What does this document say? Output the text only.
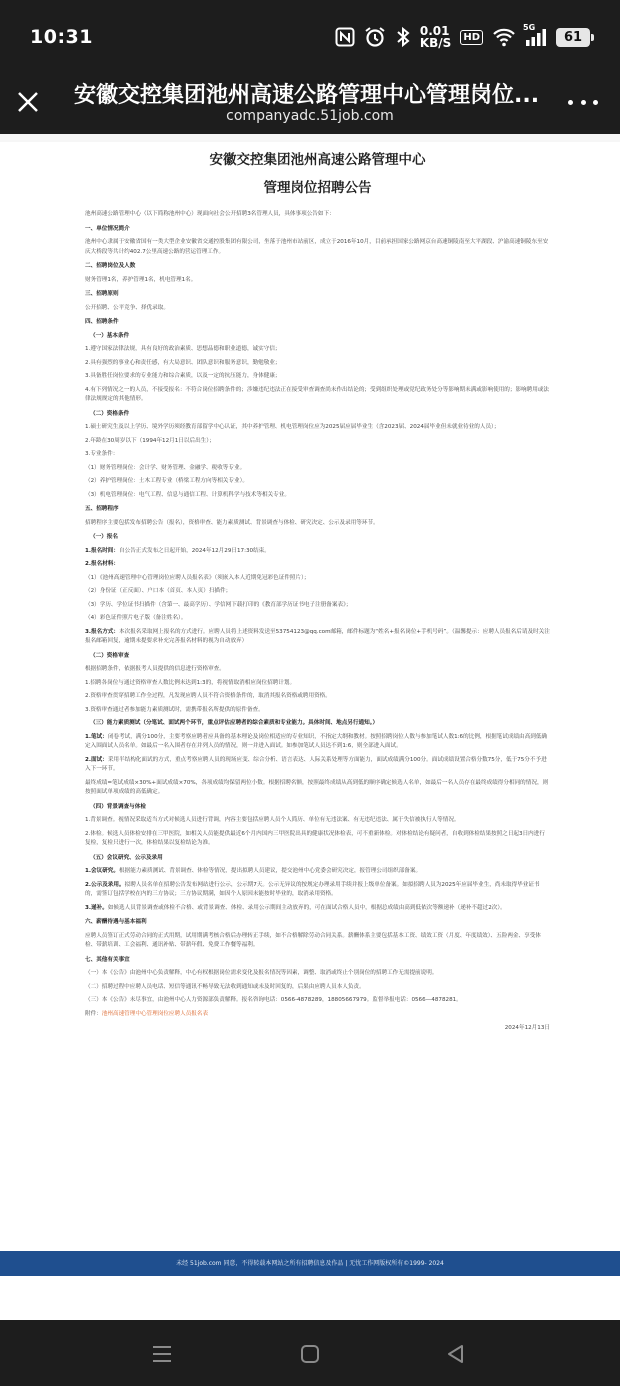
10:31	0.01
KB/S	HD
5G
61
安徽交控集团池州高速公路管理中心管理岗位...
companyadc.51job.com
安徽交控集团池州高速公路管理中心
管理岗位招聘公告

池州高速公路管理中心（以下简称池州中心）现面向社会公开招聘3名管理人员，具体事项公告如下：

一、单位情况简介

池州中心隶属于安徽省国有一类大型企业安徽省交通控股集团有限公司，坐落于池州市站前区，成立于2016年10月，目前承担国家公路网京台高速铜陵南至大平湖段、沪渝高速铜陵东至安庆大桥段等共计约402.7公里高速公路的营运管理工作。

二、招聘岗位及人数

财务管理1名，养护管理1名，机电管理1名。

三、招聘原则

公开招聘、公平竞争、择优录取。

四、招聘条件

（一）基本条件

1.遵守国家法律法规，具有良好的政治素质、思想品德和职业道德，诚实守信；

2.具有强烈的事业心和责任感，有大局意识、团队意识和服务意识，勤勉敬业；

3.具备胜任岗位要求的专业能力和综合素质，以及一定的抗压能力，身体健康；

4.有下列情况之一的人员，不接受报名：不符合岗位招聘条件的；涉嫌违纪违法正在接受审查调查尚未作出结论的；受到组织处理或党纪政务处分等影响期未满或影响使用的；影响聘用或法律法规规定的其他情形。

（二）资格条件

1.硕士研究生及以上学历、境外学历须经教育部留学中心认证，其中养护管理、机电管理岗位应为2025届应届毕业生（含2023届、2024届毕业但未就业待业的人员）；

2.年龄在30周岁以下（1994年12月1日以后出生）；

3.专业条件：

（1）财务管理岗位：会计学、财务管理、金融学、税收等专业。

（2）养护管理岗位：土木工程专业（桥梁工程方向等相关专业）。

（3）机电管理岗位：电气工程、信息与通信工程、计算机科学与技术等相关专业。

五、招聘程序

招聘程序主要包括发布招聘公告（报名），资格审查、能力素质测试、背景调查与体检、研究决定、公示及录用等环节。

（一）报名

1.报名时间：自公告正式发布之日起开始，2024年12月29日17:30结束。

2.报名材料：

（1）《池州高速管理中心管理岗位应聘人员报名表》（须嵌入本人近期免冠彩色证件照片）；

（2）身份证（正反面）、户口本（首页、本人页）扫描件；

（3）学历、学位证书扫描件（含第一、最高学历）、学信网下载打印的《教育部学历证书电子注册备案表》；

（4）彩色证件照片电子版（备注姓名）。

3.报名方式：本次报名采取网上报名的方式进行。应聘人员将上述资料发送至53754123@qq.com邮箱，邮件标题为“姓名+报名岗位+手机号码”。（温馨提示：应聘人员报名后请及时关注报名邮箱回复，逾期未提要求补充完善报名材料的视为自动放弃）

（二）资格审查

根据招聘条件，依据报考人员提供的信息进行资格审查。

1.招聘各岗位与通过资格审查人数比例未达到1:3的，将视情取消相应岗位招聘计划。

2.资格审查贯穿招聘工作全过程，凡发现应聘人员不符合资格条件的，取消其报名资格或聘用资格。

3.资格审查通过者参加能力素质测试时，需携带报名所提供的原件备查。

（三）能力素质测试（分笔试、面试两个环节，重点评估应聘者的综合素质和专业能力。具体时间、地点另行通知。）

1.笔试：闭卷考试，满分100分，主要考察应聘者应具备的基本理论及岗位相适应的专业知识，不指定大纲和教材。按照招聘岗位人数与参加笔试人数1:6的比例，根据笔试成绩由高到低确定入围面试人员名单。如最后一名入围者存在并列人员的情况，则一并进入面试。如参加笔试人员达不到1:6，则全部进入面试。

2.面试：采用半结构化面试的方式，重点考察应聘人员的现场应变、综合分析、语言表达、人际关系处理等方面能力，面试成绩满分100分。面试成绩设置合格分数75分，低于75分不予进入下一环节。

最终成绩=笔试成绩×30%+面试成绩×70%，各项成绩均保留两位小数。根据招聘名额，按照最终成绩从高到低的顺序确定候选人名单，如最后一名人员存在最终成绩得分相同的情况，则按照面试单项成绩的高低确定。

（四）背景调查与体检

1.背景调查。视情况采取适当方式对候选人员进行背调，内容主要包括应聘人员个人简历、单位有无违法案、有无违纪违法、属于失信被执行人等情况。

2.体检。候选人员体检安排在三甲医院，如相关人员能提供最近6个月内国内三甲医院出具的健康状况体检表，可不重新体检。对体检结论有疑问者，自收到体检结果按照之日起3日内进行复检，复检只进行一次，体检结果以复检结论为准。

（五）会议研究、公示及录用

1.会议研究。根据能力素质测试、背景调查、体检等情况，提出拟聘人员建议，提交池州中心党委会研究决定，报管理公司组织部备案。

2.公示及录用。拟聘人员名单在招聘公告发布网站进行公示，公示期7天。公示无异议的按规定办理录用手续并报上级单位备案。如拟招聘人员为2025年应届毕业生，尚未取得毕业证书的，需签订包括学校在内的三方协议；三方协议期满，如因个人原因未能按时毕业的，取消录用资格。

3.递补。如候选人员背景调查或体检不合格、或背景调查、体检、录用公示期间主动放弃的，可在面试合格人员中，根据总成绩由高到低依次等额递补（递补不超过2次）。

六、薪酬待遇与基本福利

应聘人员签订正式劳动合同的正式用期，试用期满考核合格后办理转正手续，如不合格解除劳动合同关系。薪酬体系主要包括基本工资、绩效工资（月度、年度绩效）、五险两金、享受体检、带薪培训、工会福利、通讯补贴、带薪年假、免费工作餐等福利。

七、其他有关事宜

（一）本《公告》由池州中心负责解释，中心有权根据岗位需求变化及报名情况等因素，调整、取消或终止个别岗位的招聘工作无需提前说明。

（二）招聘过程中应聘人员电话、短信等通讯不畅导致无法收到通知或未及时回复的，后果由应聘人员本人负责。

（三）本《公告》未尽事宜，由池州中心人力资源部负责解释。报名咨询电话：0566-4878289，18805667979。监督举报电话：0566—4878281。

附件：池州高速管理中心管理岗位应聘人员报名表

2024年12月13日

未经 51job.com 同意，不得转载本网站之所有招聘信息及作品 | 无忧工作网版权所有©1999- 2024
